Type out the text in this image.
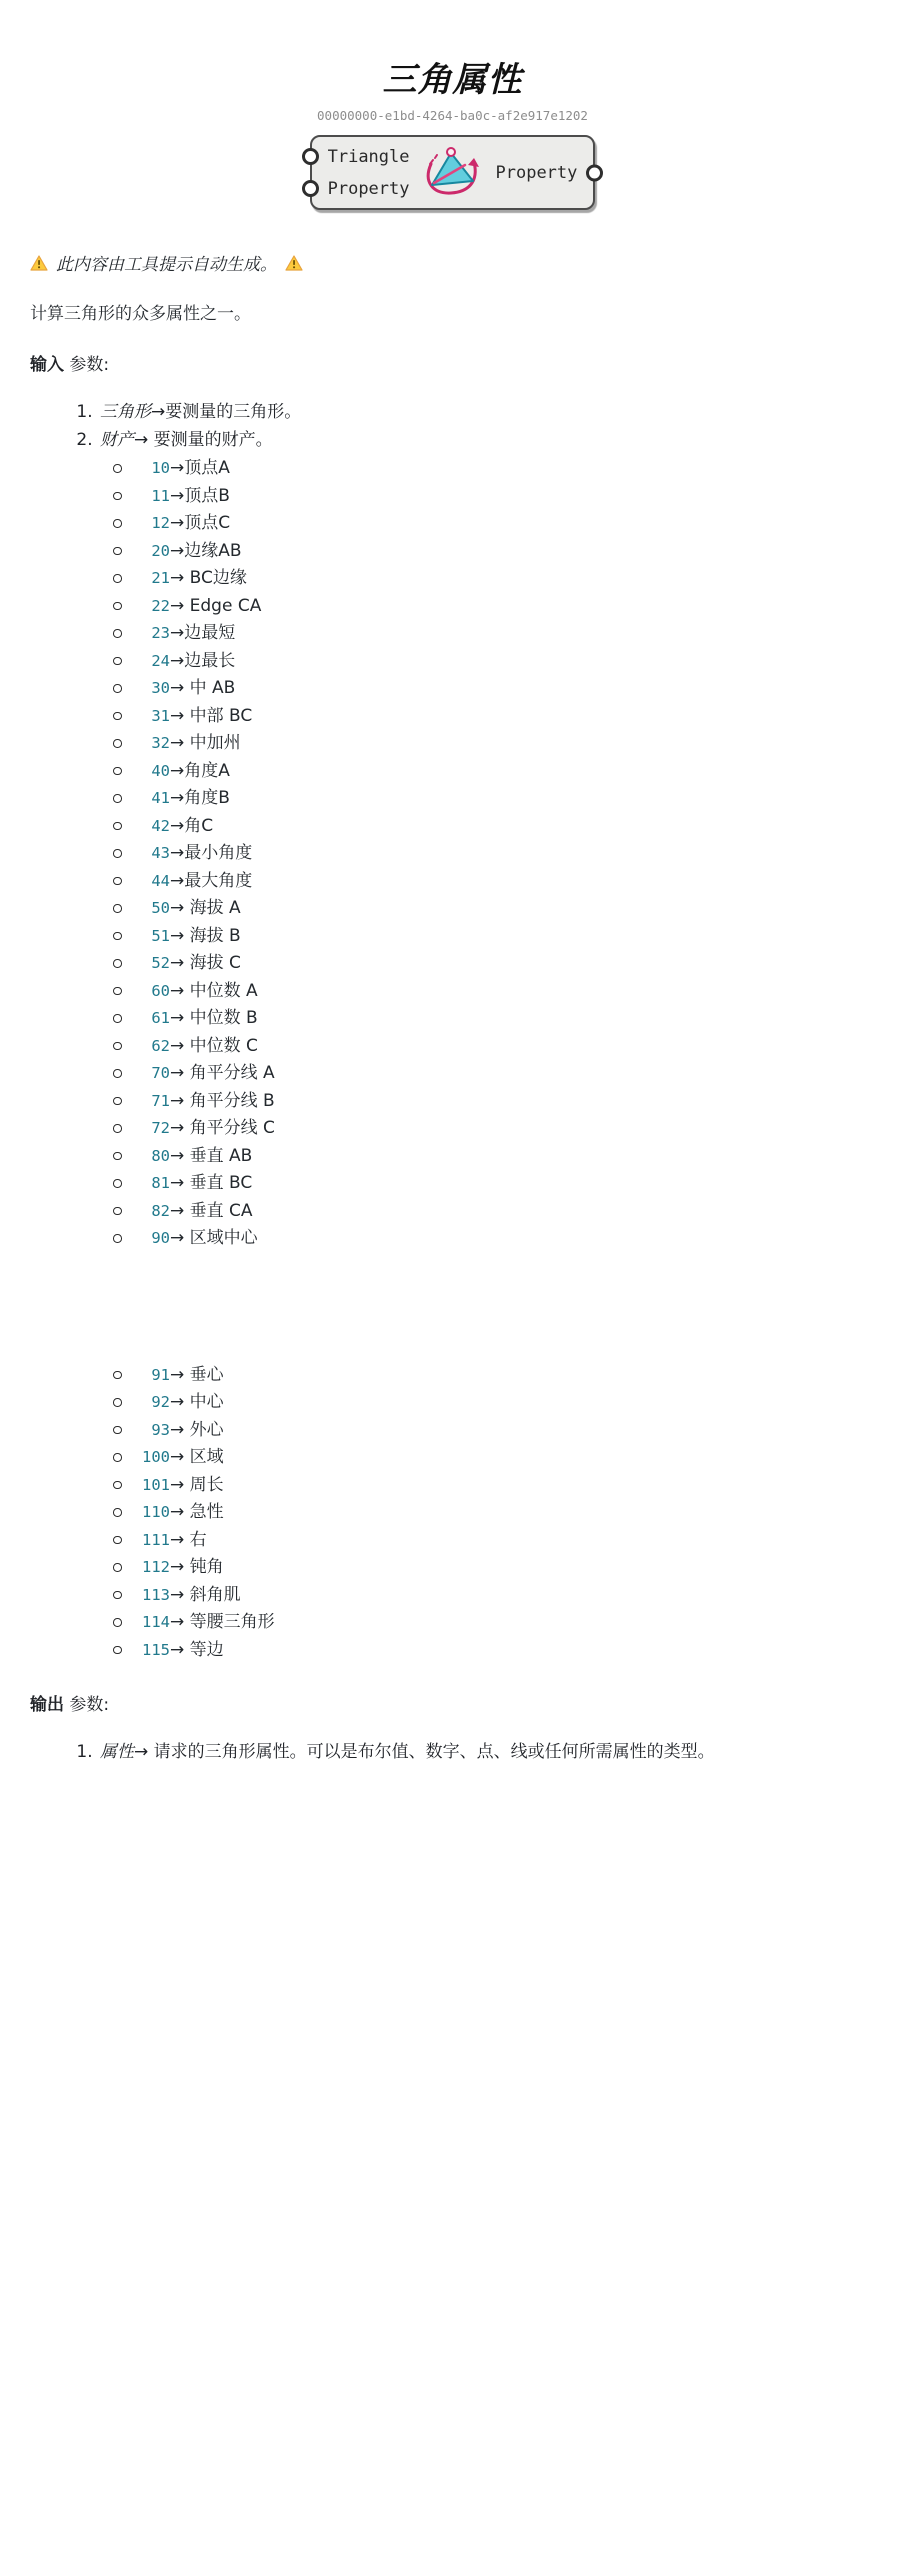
三角属性
00000000-e1bd-4264-ba0c-af2e917e1202
Triangle
Property
Property

此内容由工具提示自动生成。

计算三角形的众多属性之一。

输入 参数:

1. 三角形→要测量的三角形。
2. 财产→ 要测量的财产。
10→顶点A
11→顶点B
12→顶点C
20→边缘AB
21→ BC边缘
22→ Edge CA
23→边最短
24→边最长
30→ 中 AB
31→ 中部 BC
32→ 中加州
40→角度A
41→角度B
42→角C
43→最小角度
44→最大角度
50→ 海拔 A
51→ 海拔 B
52→ 海拔 C
60→ 中位数 A
61→ 中位数 B
62→ 中位数 C
70→ 角平分线 A
71→ 角平分线 B
72→ 角平分线 C
80→ 垂直 AB
81→ 垂直 BC
82→ 垂直 CA
90→ 区域中心
91→ 垂心
92→ 中心
93→ 外心
100→ 区域
101→ 周长
110→ 急性
111→ 右
112→ 钝角
113→ 斜角肌
114→ 等腰三角形
115→ 等边

输出 参数:

1. 属性→ 请求的三角形属性。可以是布尔值、数字、点、线或任何所需属性的类型。
